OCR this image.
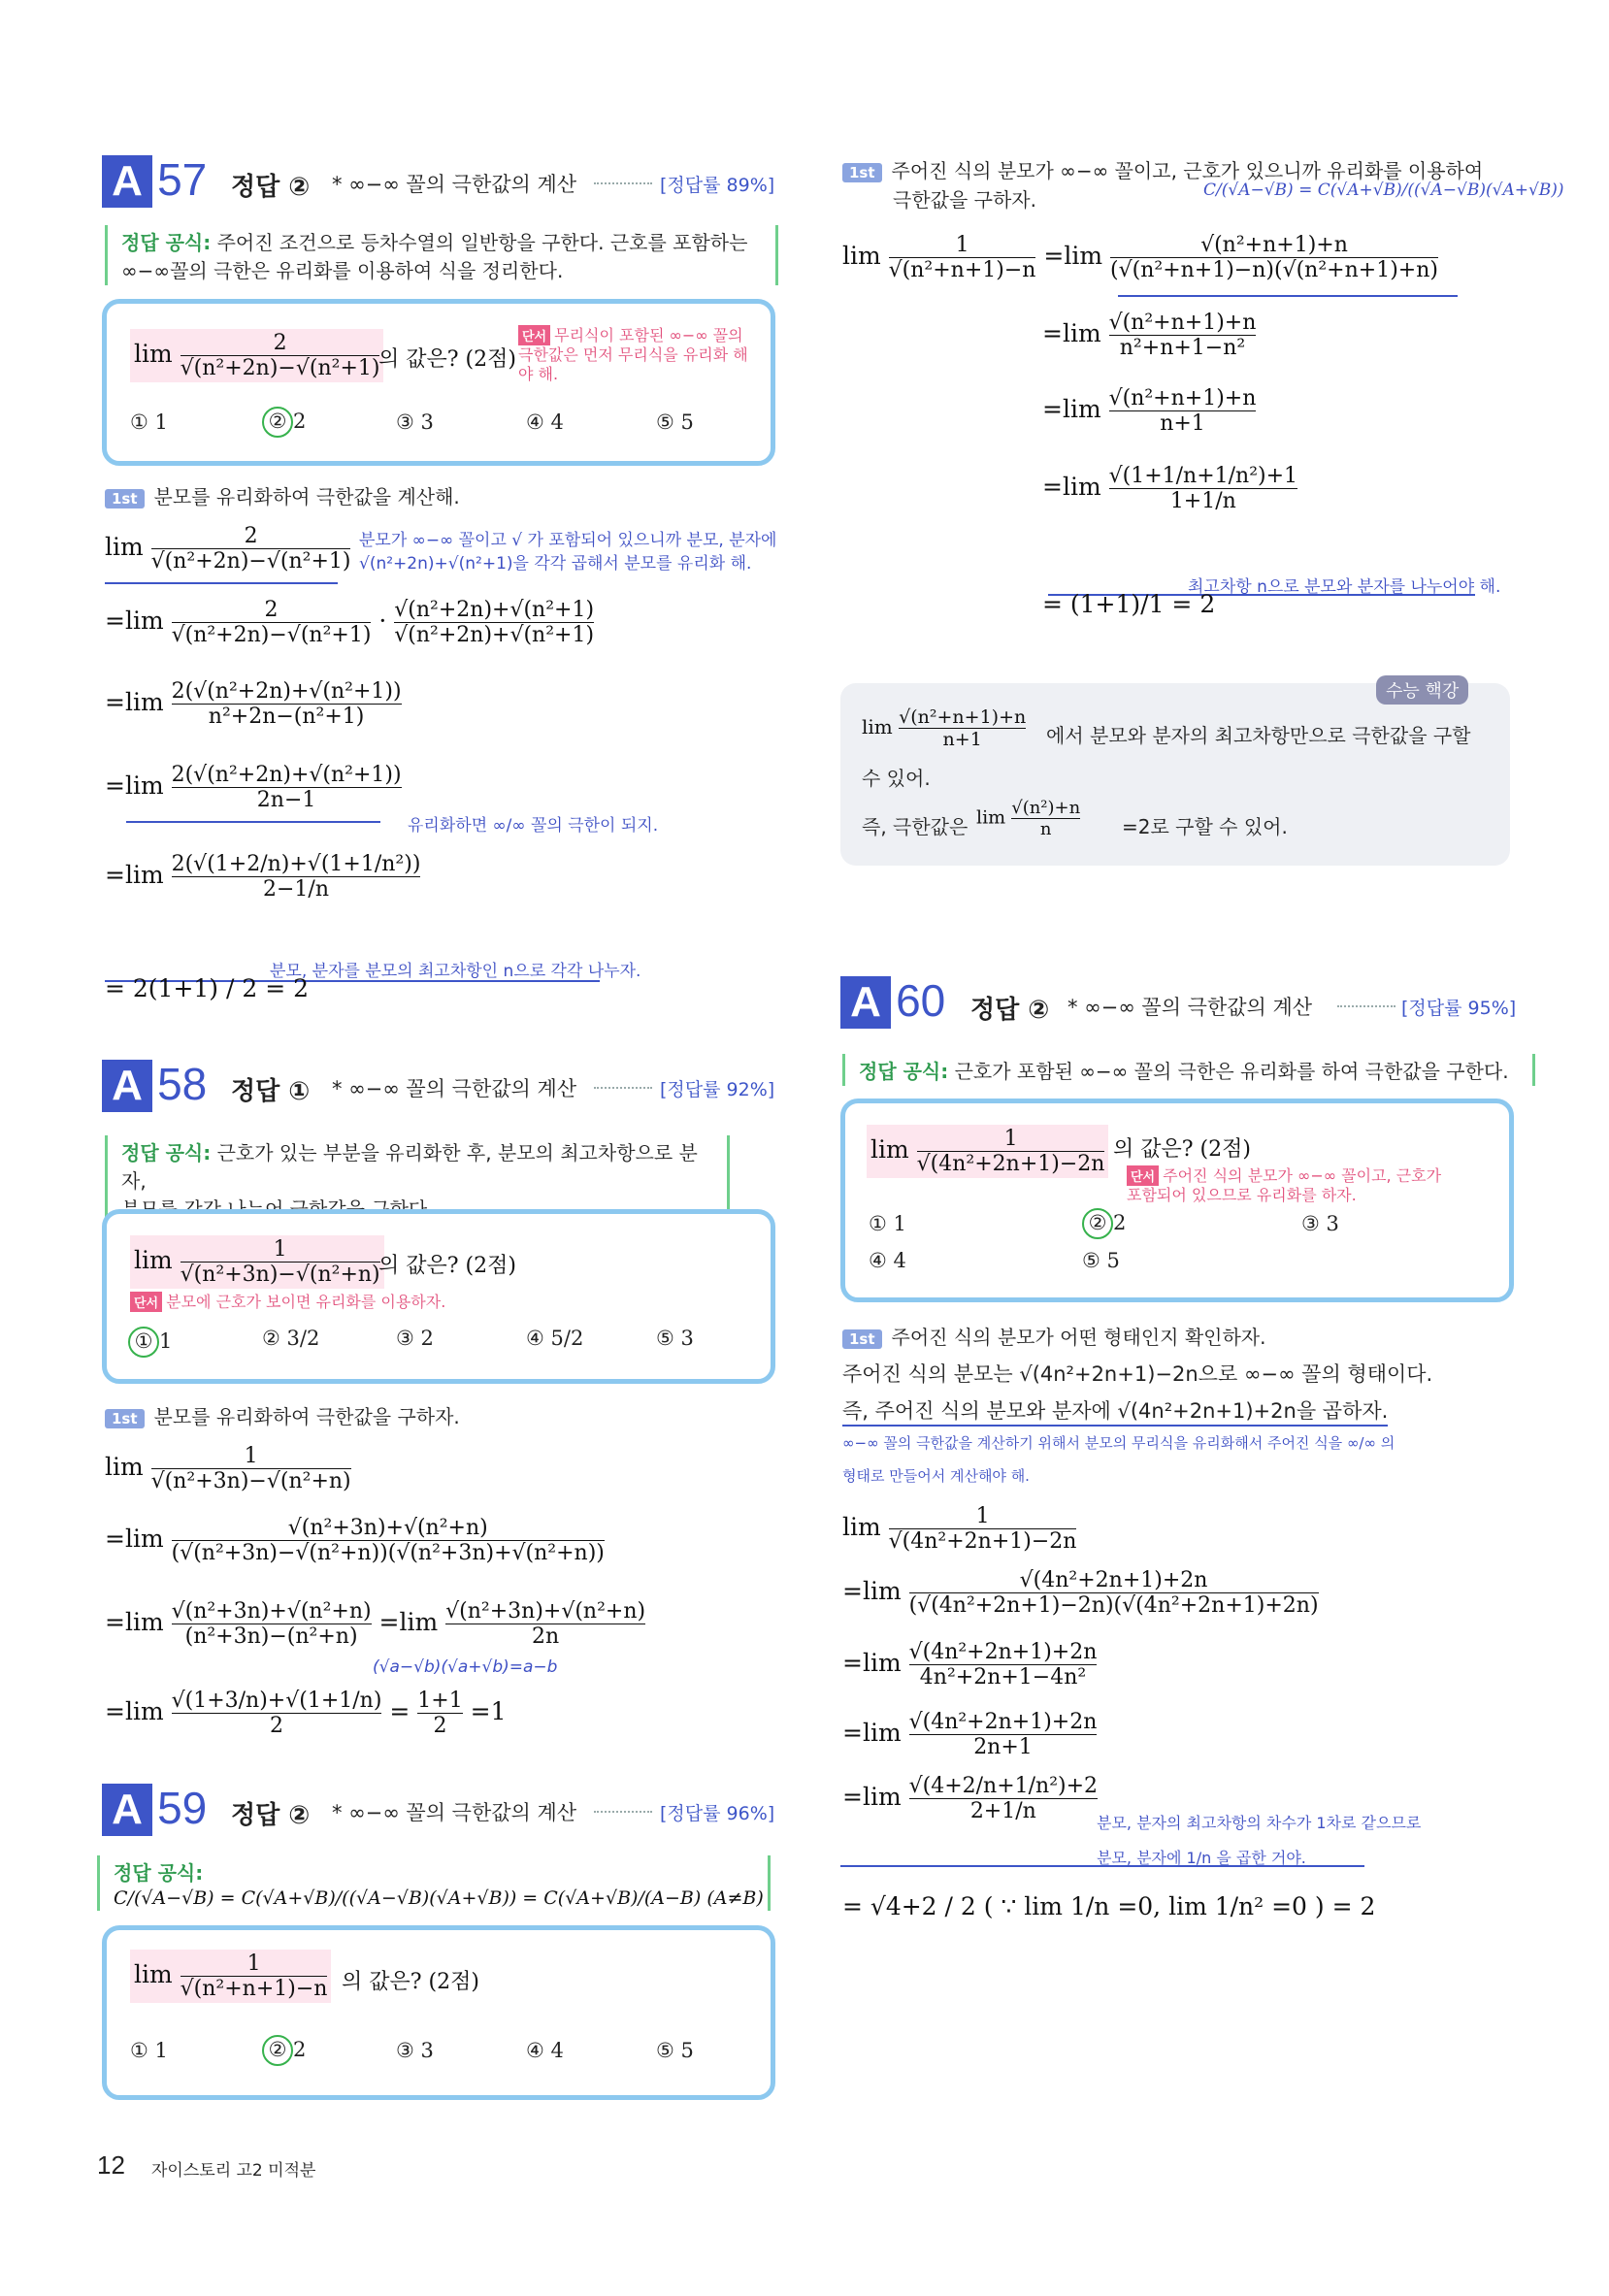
A 57 정답 ② * ∞−∞ 꼴의 극한값의 계산	[정답률 89%]
정답 공식: 주어진 조건으로 등차수열의 일반항을 구한다. 근호를 포함하는
∞−∞꼴의 극한은 유리화를 이용하여 식을 정리한다.
$\lim \frac{2}{\text{√(n²+2n)−√(n²+1)}}$
의 값은? (2점)
단서 무리식이 포함된 ∞−∞ 꼴의 극한값은 먼저 무리식을 유리화 해야 해.
① 1	② 2	③ 3	④ 4	⑤ 5
1st 분모를 유리화하여 극한값을 계산해.
$\lim \frac{2}{\text{√(n²+2n)−√(n²+1)}}$ 분모가 ∞−∞ 꼴이고 √ 가 포함되어 있으니까 분모, 분자에
√(n²+2n)+√(n²+1)을 각각 곱해서 분모를 유리화 해.
$=\lim \frac{2}{\text{√(n²+2n)−√(n²+1)}} \cdot \frac{\text{√(n²+2n)+√(n²+1)}}{\text{√(n²+2n)+√(n²+1)}}$
$=\lim \frac{\text{2(√(n²+2n)+√(n²+1))}}{\text{n²+2n−(n²+1)}}$
$=\lim \frac{\text{2(√(n²+2n)+√(n²+1))}}{2n-1}$
유리화하면 ∞/∞ 꼴의 극한이 되지.
$=\lim \frac{\text{2(√(1+2/n)+√(1+1/n²))}}{2-1/n}$
분모, 분자를 분모의 최고차항인 n으로 각각 나누자.
= 2(1+1) / 2 = 2
A 58 정답 ① * ∞−∞ 꼴의 극한값의 계산	[정답률 92%]
정답 공식: 근호가 있는 부분을 유리화한 후, 분모의 최고차항으로 분자,
$\lim \frac{1}{\text{√(n²+3n)−√(n²+n)}}$
의 값은? (2점)
단서 분모에 근호가 보이면 유리화를 이용하자.
① 1	② 3/2	③ 2	④ 5/2	⑤ 3
1st 분모를 유리화하여 극한값을 구하자.
$\lim \frac{1}{\text{√(n²+3n)−√(n²+n)}}$
$=\lim \frac{\text{√(n²+3n)+√(n²+n)}}{\text{(√(n²+3n)−√(n²+n))(√(n²+3n)+√(n²+n))}}$
$=\lim \frac{\text{√(n²+3n)+√(n²+n)}}{\text{(n²+3n)−(n²+n)}} =\lim \frac{\text{√(n²+3n)+√(n²+n)}}{2n}$
(√a−√b)(√a+√b)=a−b
$=\lim \frac{√(1+3/n)+√(1+1/n)}{2} = \frac{1+1}{2} =1$
A 59 정답 ② * ∞−∞ 꼴의 극한값의 계산	[정답률 96%]
정답 공식: C/(√A−√B) = C(√A+√B)/((√A−√B)(√A+√B)) = C(√A+√B)/(A−B) (A≠B)
$\lim \frac{1}{\text{√(n²+n+1)−n}}$ 의 값은? (2점)
① 1	② 2	③ 3	④ 4	⑤ 5
1st 주어진 식의 분모가 ∞−∞ 꼴이고, 근호가 있으니까 유리화를 이용하여
극한값을 구하자.	C/(√A−√B) = C(√A+√B)/((√A−√B)(√A+√B))
$\lim \frac{1}{\text{√(n²+n+1)−n}} =\lim \frac{\text{√(n²+n+1)+n}}{\text{(√(n²+n+1)−n)(√(n²+n+1)+n)}}$
$=\lim \frac{\text{√(n²+n+1)+n}}{\text{n²+n+1−n²}}$
$=\lim \frac{\text{√(n²+n+1)+n}}{n+1}$
$=\lim \frac{\text{√(1+1/n+1/n²)+1}}{1+1/n}$
최고차항 n으로 분모와 분자를 나누어야 해.
= (1+1)/1 = 2
수능 핵강
$\lim \frac{\text{√(n²+n+1)+n}}{n+1}$ 에서 분모와 분자의 최고차항만으로 극한값을 구할
수 있어.
즉, 극한값은 $\lim \frac{\text{√(n²)+n}}{n} =2$로 구할 수 있어.
A 60 정답 ② * ∞−∞ 꼴의 극한값의 계산	[정답률 95%]
정답 공식: 근호가 포함된 ∞−∞ 꼴의 극한은 유리화를 하여 극한값을 구한다.
$\lim \frac{1}{\text{√(4n²+2n+1)−2n}}$ 의 값은? (2점)
단서 주어진 식의 분모가 ∞−∞ 꼴이고, 근호가 포함되어 있으므로 유리화를 하자.
① 1	② 2	③ 3
④ 4	⑤ 5
1st 주어진 식의 분모가 어떤 형태인지 확인하자.
주어진 식의 분모는 √(4n²+2n+1)−2n으로 ∞−∞ 꼴의 형태이다.
즉, 주어진 식의 분모와 분자에 √(4n²+2n+1)+2n을 곱하자.
∞−∞ 꼴의 극한값을 계산하기 위해서 분모의 무리식을 유리화해서 주어진 식을 ∞/∞ 의
형태로 만들어서 계산해야 해.
$\lim \frac{1}{\text{√(4n²+2n+1)−2n}}$
$=\lim \frac{\text{√(4n²+2n+1)+2n}}{\text{(√(4n²+2n+1)−2n)(√(4n²+2n+1)+2n)}}$
$=\lim \frac{\text{√(4n²+2n+1)+2n}}{\text{4n²+2n+1−4n²}}$
$=\lim \frac{\text{√(4n²+2n+1)+2n}}{2n+1}$
$=\lim \frac{\text{√(4+2/n+1/n²)+2}}{2+1/n}$
분모, 분자의 최고차항의 차수가 1차로 같으므로
분모, 분자에 1/n 을 곱한 거야.
= √4+2 / 2 ( ∵ lim 1/n =0, lim 1/n² =0 ) = 2
12 자이스토리 고2 미적분
